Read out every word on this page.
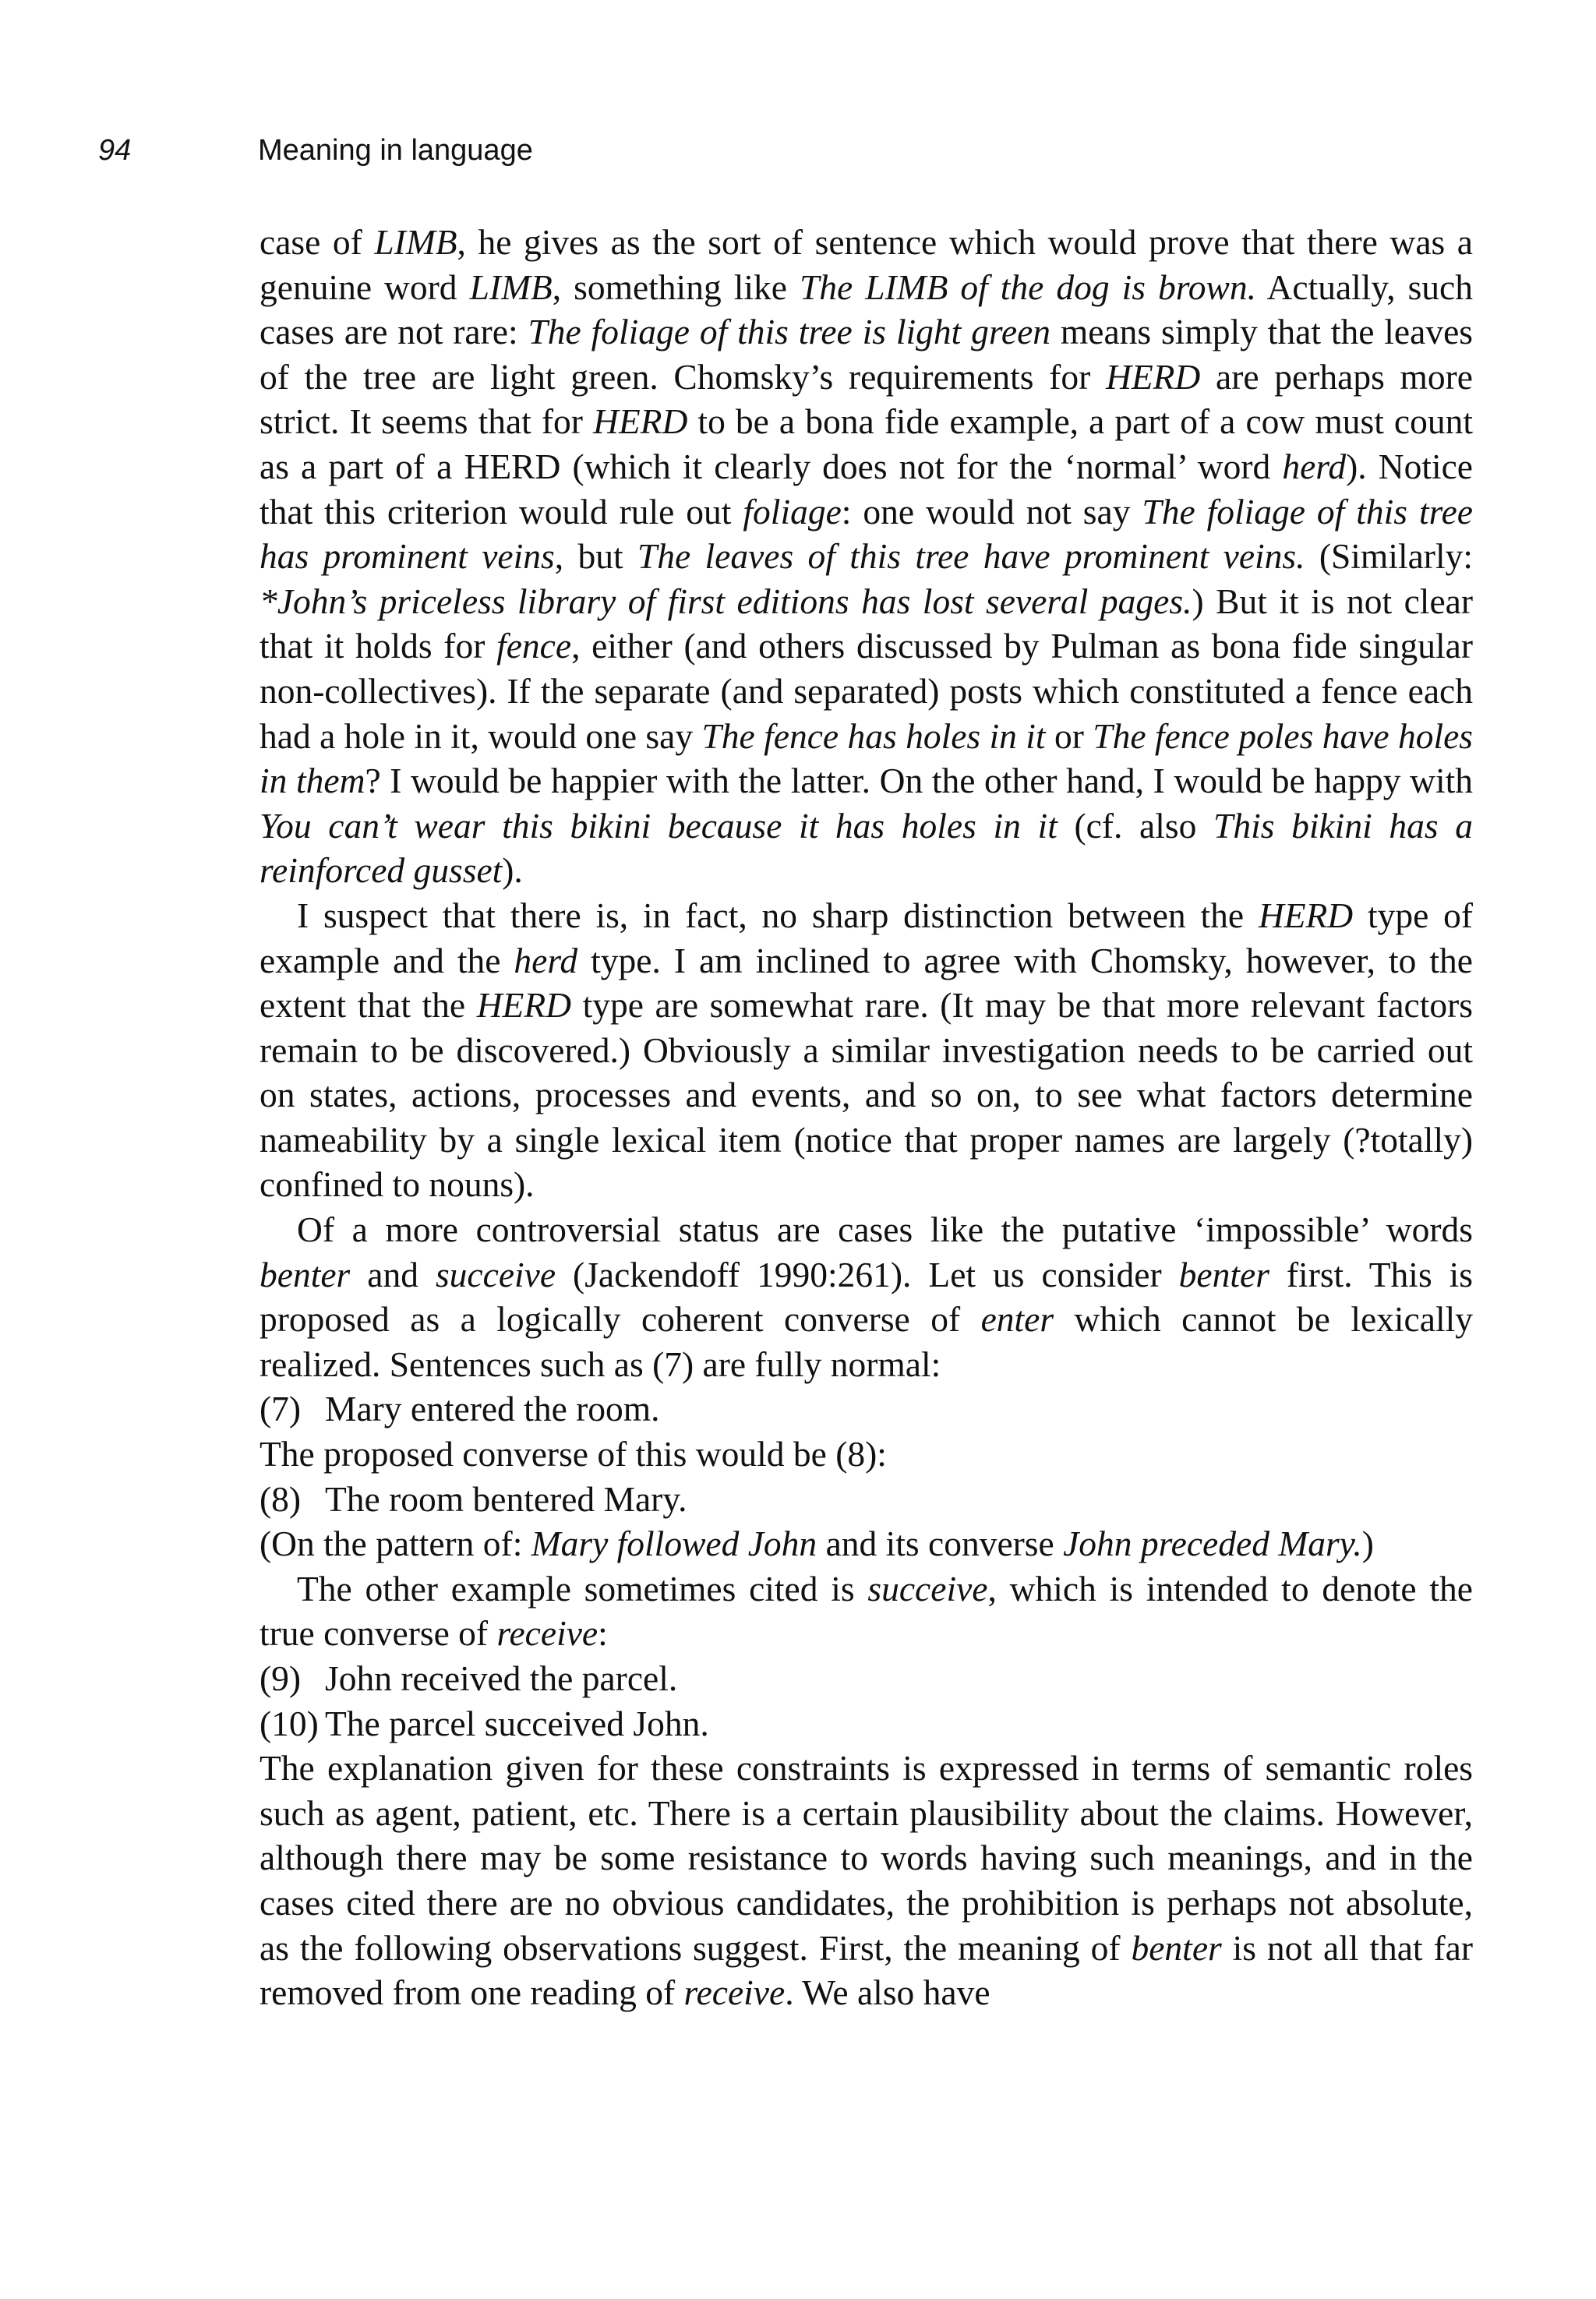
94	Meaning in language

case of LIMB, he gives as the sort of sentence which would prove that there was a genuine word LIMB, something like The LIMB of the dog is brown. Actually, such cases are not rare: The foliage of this tree is light green means simply that the leaves of the tree are light green. Chomsky’s requirements for HERD are perhaps more strict. It seems that for HERD to be a bona fide example, a part of a cow must count as a part of a HERD (which it clearly does not for the ‘normal’ word herd). Notice that this criterion would rule out foliage: one would not say The foliage of this tree has prominent veins, but The leaves of this tree have prominent veins. (Similarly: *John’s priceless library of first editions has lost several pages.) But it is not clear that it holds for fence, either (and others discussed by Pulman as bona fide singular non-collectives). If the separate (and separated) posts which constituted a fence each had a hole in it, would one say The fence has holes in it or The fence poles have holes in them? I would be happier with the latter. On the other hand, I would be happy with You can’t wear this bikini because it has holes in it (cf. also This bikini has a reinforced gusset).

I suspect that there is, in fact, no sharp distinction between the HERD type of example and the herd type. I am inclined to agree with Chomsky, however, to the extent that the HERD type are somewhat rare. (It may be that more relevant factors remain to be discovered.) Obviously a similar investigation needs to be carried out on states, actions, processes and events, and so on, to see what factors determine nameability by a single lexical item (notice that proper names are largely (?totally) confined to nouns).

Of a more controversial status are cases like the putative ‘impossible’ words benter and succeive (Jackendoff 1990:261). Let us consider benter first. This is proposed as a logically coherent converse of enter which cannot be lexically realized. Sentences such as (7) are fully normal:

(7) Mary entered the room.

The proposed converse of this would be (8):

(8) The room bentered Mary.

(On the pattern of: Mary followed John and its converse John preceded Mary.)

The other example sometimes cited is succeive, which is intended to denote the true converse of receive:

(9) John received the parcel.

(10) The parcel succeived John.

The explanation given for these constraints is expressed in terms of semantic roles such as agent, patient, etc. There is a certain plausibility about the claims. However, although there may be some resistance to words having such meanings, and in the cases cited there are no obvious candidates, the prohibition is perhaps not absolute, as the following observations suggest. First, the meaning of benter is not all that far removed from one reading of receive. We also have
